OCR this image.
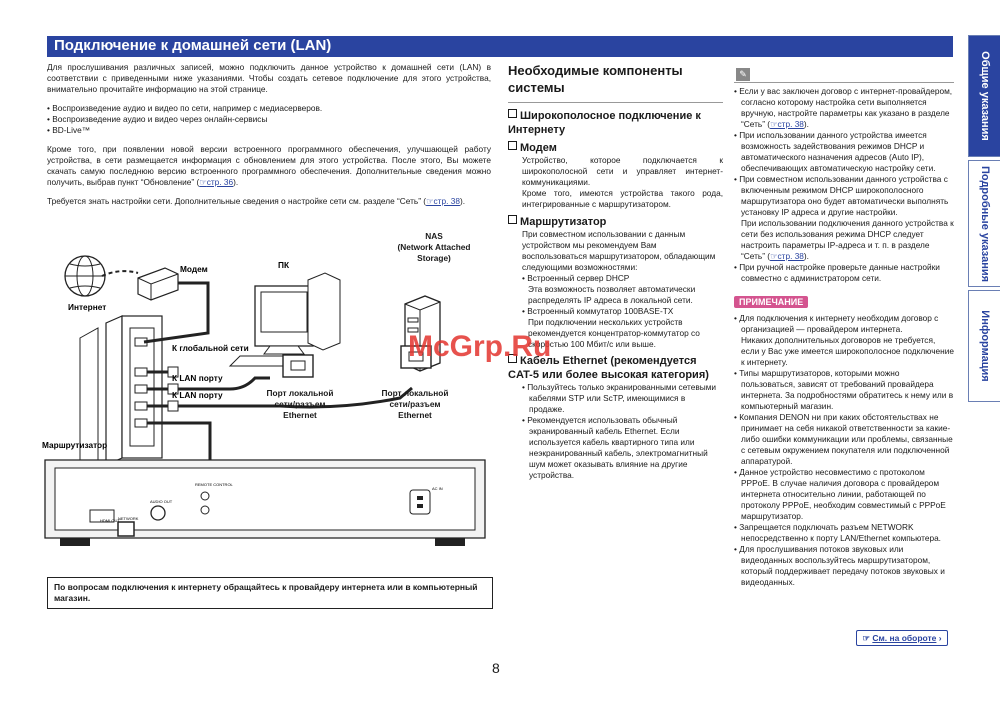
Подключение к домашней сети (LAN)
Общие указания
Подробные указания
Информация

Для прослушивания различных записей, можно подключить данное устройство к домашней сети (LAN) в соответствии с приведенными ниже указаниями. Чтобы создать сетевое подключение для этого устройства, внимательно прочитайте информацию на этой странице.

• Воспроизведение аудио и видео по сети, например с медиасерверов.
• Воспроизведение аудио и видео через онлайн-сервисы
• BD-Live™

Кроме того, при появлении новой версии встроенного программного обеспечения, улучшающей работу устройства, в сети размещается информация с обновлением для этого устройства. После этого, Вы можете скачать самую последнюю версию встроенного программного обеспечения. Дополнительные сведения можно получить, выбрав пункт “Обновление” (☞стр. 36).

Требуется знать настройки сети. Дополнительные сведения о настройке сети см. разделе “Сеть” (☞стр. 38).

Модем
Интернет
ПК
К глобальной сети
К LAN порту
К LAN порту
Маршрутизатор
HDMI OUT
NETWORK
AUDIO OUT
REMOTE CONTROL
AC IN
NAS
(Network Attached
Storage)
Порт локальной
сети/разъем
Ethernet
Порт локальной
сети/разъем
Ethernet
По вопросам подключения к интернету обращайтесь к провайдеру интернета или в компьютерный магазин.
Необходимые компоненты системы
Широкополосное подключение к Интернету
Модем

Устройство, которое подключается к широкополосной сети и управляет интернет-коммуникациями.

Кроме того, имеются устройства такого рода, интегрированные с маршрутизатором.

Маршрутизатор

При совместном использовании с данным устройством мы рекомендуем Вам воспользоваться маршрутизатором, обладающим следующими возможностями:

• Встроенный сервер DHCP

Эта возможность позволяет автоматически распределять IP адреса в локальной сети.

• Встроенный коммутатор 100BASE-TX

При подключении нескольких устройств рекомендуется концентратор-коммутатор со скоростью 100 Мбит/с или выше.

Кабель Ethernet (рекомендуется CAT-5 или более высокая категория)
• Пользуйтесь только экранированными сетевыми кабелями STP или ScTP, имеющимися в продаже.
• Рекомендуется использовать обычный экранированный кабель Ethernet. Если используется кабель квартирного типа или неэкранированный кабель, электромагнитный шум может оказывать влияние на другие устройства.
✎
• Если у вас заключен договор с интернет-провайдером, согласно которому настройка сети выполняется вручную, настройте параметры как указано в разделе “Сеть” (☞стр. 38).
• При использовании данного устройства имеется возможность задействования режимов DHCP и автоматического назначения адресов (Auto IP), обеспечивающих автоматическую настройку сети.
• При совместном использовании данного устройства с включенным режимом DHCP широкополосного маршрутизатора оно будет автоматически выполнять установку IP адреса и другие настройки.
При использовании подключения данного устройства к сети без использования режима DHCP следует настроить параметры IP-адреса и т. п. в разделе “Сеть” (☞стр. 38).
• При ручной настройке проверьте данные настройки совместно с администратором сети.
ПРИМЕЧАНИЕ
• Для подключения к интернету необходим договор с организацией — провайдером интернета.
Никаких дополнительных договоров не требуется, если у Вас уже имеется широкополосное подключение к интернету.
• Типы маршрутизаторов, которыми можно пользоваться, зависят от требований провайдера интернета. За подробностями обратитесь к нему или в компьютерный магазин.
• Компания DENON ни при каких обстоятельствах не принимает на себя никакой ответственности за какие-либо ошибки коммуникации или проблемы, связанные с сетевым окружением покупателя или подключенной аппаратурой.
• Данное устройство несовместимо с протоколом PPPoE. В случае наличия договора с провайдером интернета относительно линии, работающей по протоколу PPPoE, необходим совместимый с PPPoE маршрутизатор.
• Запрещается подключать разъем NETWORK непосредственно к порту LAN/Ethernet компьютера.
• Для прослушивания потоков звуковых или видеоданных воспользуйтесь маршрутизатором, который поддерживает передачу потоков звуковых и видеоданных.
☞ См. на обороте ›
8
McGrp.Ru
